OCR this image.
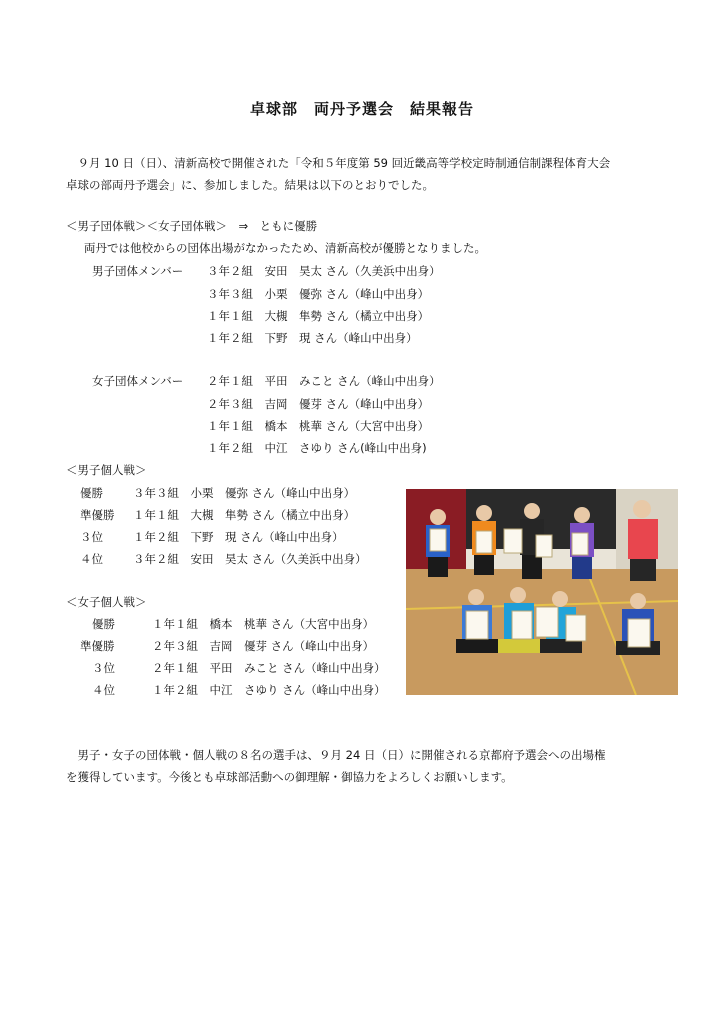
卓球部　両丹予選会　結果報告
　９月 10 日（日）、清新高校で開催された「令和５年度第 59 回近畿高等学校定時制通信制課程体育大会
卓球の部両丹予選会」に、参加しました。結果は以下のとおりでした。
＜男子団体戦＞＜女子団体戦＞　⇒　ともに優勝
両丹では他校からの団体出場がなかったため、清新高校が優勝となりました。
男子団体メンバー ３年２組　安田　昊太 さん（久美浜中出身）
３年３組　小栗　優弥 さん（峰山中出身）
１年１組　大槻　隼勢 さん（橘立中出身）
１年２組　下野　現 さん（峰山中出身）
女子団体メンバー ２年１組　平田　みこと さん（峰山中出身）
２年３組　吉岡　優芽 さん（峰山中出身）
１年１組　橋本　桃華 さん（大宮中出身）
１年２組　中江　さゆり さん(峰山中出身)
＜男子個人戦＞
優勝	３年３組　小栗　優弥 さん（峰山中出身）
準優勝 １年１組　大槻　隼勢 さん（橘立中出身）
３位	１年２組　下野　現 さん（峰山中出身）
４位	３年２組　安田　昊太 さん（久美浜中出身）
＜女子個人戦＞
優勝	１年１組　橋本　桃華 さん（大宮中出身）
準優勝	２年３組　吉岡　優芽 さん（峰山中出身）
３位	２年１組　平田　みこと さん（峰山中出身）
４位	１年２組　中江　さゆり さん（峰山中出身）
　男子・女子の団体戦・個人戦の８名の選手は、９月 24 日（日）に開催される京都府予選会への出場権
を獲得しています。今後とも卓球部活動への御理解・御協力をよろしくお願いします。
